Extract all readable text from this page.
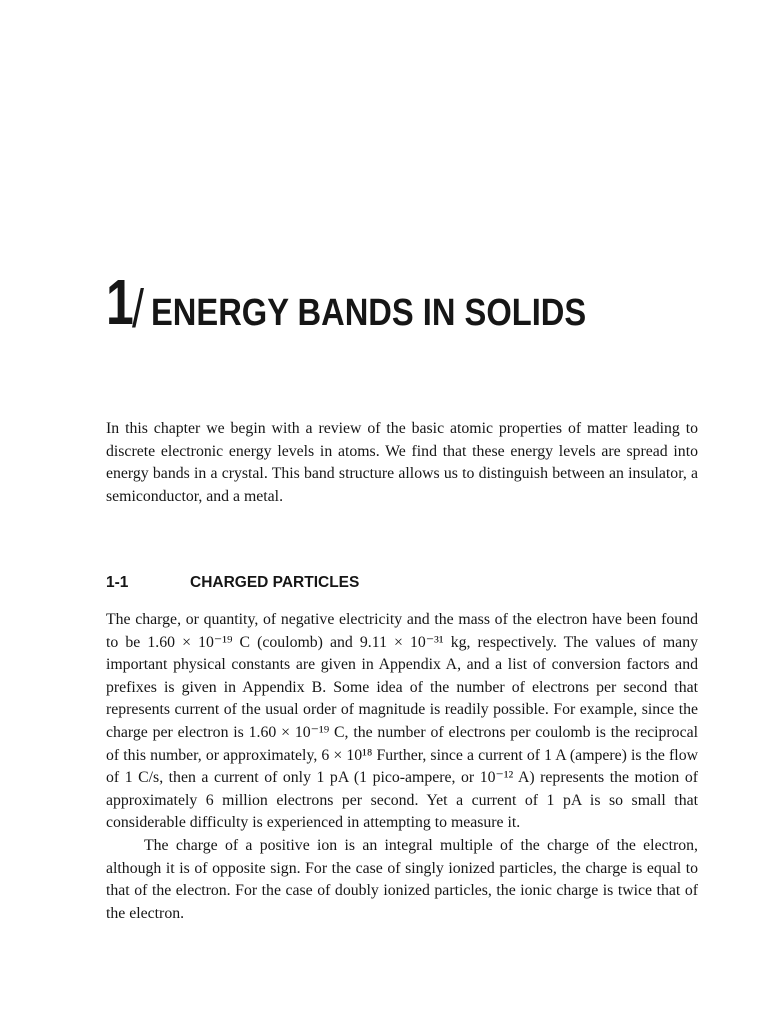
1
/ ENERGY BANDS IN SOLIDS

In this chapter we begin with a review of the basic atomic properties of matter leading to discrete electronic energy levels in atoms. We find that these energy levels are spread into energy bands in a crystal. This band structure allows us to distinguish between an insulator, a semiconductor, and a metal.

1-1	CHARGED PARTICLES

The charge, or quantity, of negative electricity and the mass of the electron have been found to be 1.60 × 10⁻¹⁹ C (coulomb) and 9.11 × 10⁻³¹ kg, respectively. The values of many important physical constants are given in Appendix A, and a list of conversion factors and prefixes is given in Appendix B. Some idea of the number of electrons per second that represents current of the usual order of magnitude is readily possible. For example, since the charge per electron is 1.60 × 10⁻¹⁹ C, the number of electrons per coulomb is the reciprocal of this number, or approximately, 6 × 10¹⁸ Further, since a current of 1 A (ampere) is the flow of 1 C/s, then a current of only 1 pA (1 pico-ampere, or 10⁻¹² A) represents the motion of approximately 6 million electrons per second. Yet a current of 1 pA is so small that considerable difficulty is experienced in attempting to measure it.

The charge of a positive ion is an integral multiple of the charge of the electron, although it is of opposite sign. For the case of singly ionized particles, the charge is equal to that of the electron. For the case of doubly ionized particles, the ionic charge is twice that of the electron.
